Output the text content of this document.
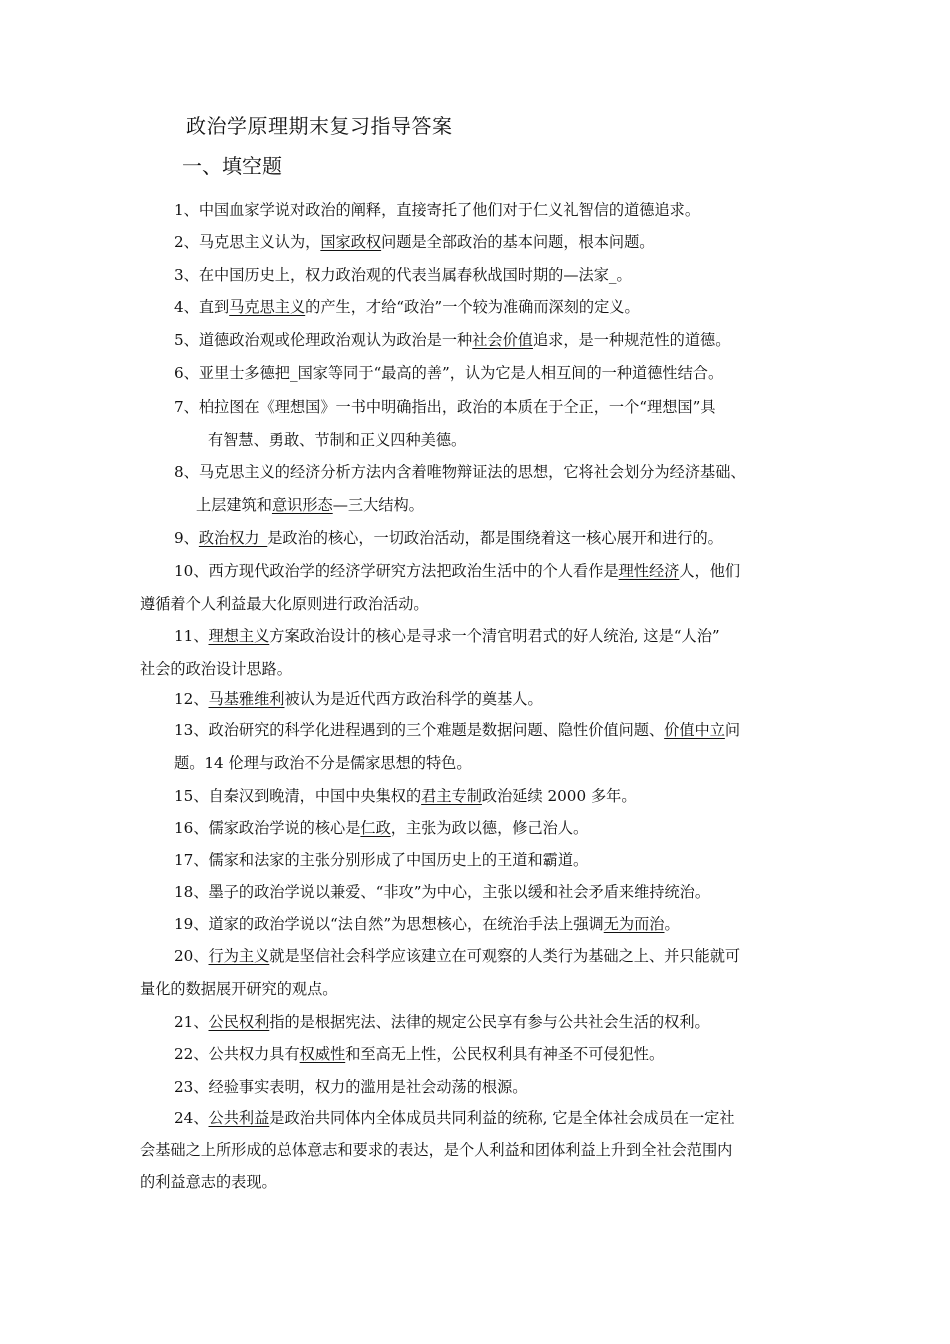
政治学原理期末复习指导答案
一、填空题
1、中国血家学说对政治的阐释，直接寄托了他们对于仁义礼智信的道德追求。
2、马克思主义认为，国家政权问题是全部政治的基本问题，根本问题。
3、在中国历史上，权力政治观的代表当属春秋战国时期的—法家_。
4、直到马克思主义的产生，才给“政治”一个较为准确而深刻的定义。
5、道德政治观或伦理政治观认为政治是一种社会价值追求，是一种规范性的道德。
6、亚里士多德把_国家等同于“最高的善”，认为它是人相互间的一种道德性结合。
7、柏拉图在《理想国》一书中明确指出，政治的本质在于仝正，一个“理想国”具
有智慧、勇敢、节制和正义四种美德。
8、马克思主义的经济分析方法内含着唯物辩证法的思想，它将社会划分为经济基础、
上层建筑和意识形态—三大结构。
9、政治权力_是政治的核心，一切政治活动，都是围绕着这一核心展开和进行的。
10、西方现代政治学的经济学研究方法把政治生活中的个人看作是理性经济人，他们
遵循着个人利益最大化原则进行政治活动。
11、理想主义方案政治设计的核心是寻求一个清官明君式的好人统治, 这是“人治”
社会的政治设计思路。
12、马基雅维利被认为是近代西方政治科学的奠基人。
13、政治研究的科学化进程遇到的三个难题是数据问题、隐性价值问题、价值中立问
题。14 伦理与政治不分是儒家思想的特色。
15、自秦汉到晚清，中国中央集权的君主专制政治延续 2000 多年。
16、儒家政治学说的核心是仁政，主张为政以德，修己治人。
17、儒家和法家的主张分别形成了中国历史上的王道和霸道。
18、墨子的政治学说以兼爱、“非攻”为中心，主张以缓和社会矛盾来维持统治。
19、道家的政治学说以“法自然”为思想核心，在统治手法上强调无为而治。
20、行为主义就是坚信社会科学应该建立在可观察的人类行为基础之上、并只能就可
量化的数据展开研究的观点。
21、公民权利指的是根据宪法、法律的规定公民享有参与公共社会生活的权利。
22、公共权力具有权威性和至高无上性，公民权利具有神圣不可侵犯性。
23、经验事实表明，权力的滥用是社会动荡的根源。
24、公共利益是政治共同体内全体成员共同利益的统称, 它是全体社会成员在一定社
会基础之上所形成的总体意志和要求的表达，是个人利益和团体利益上升到全社会范围内
的利益意志的表现。
